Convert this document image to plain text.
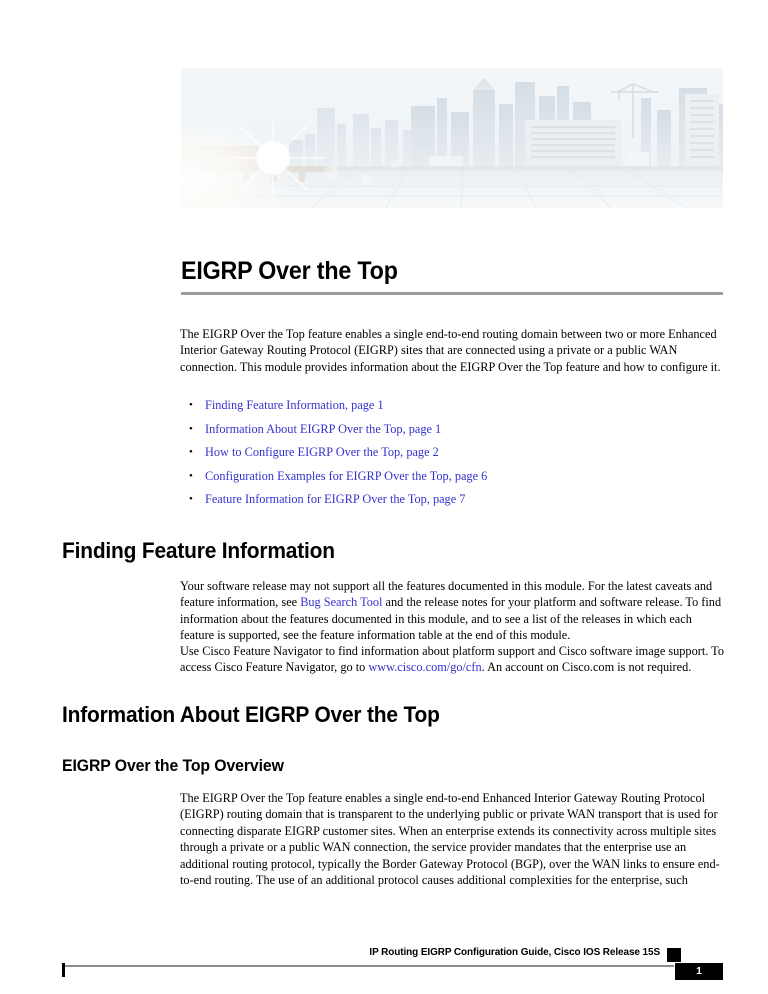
EIGRP Over the Top
The EIGRP Over the Top feature enables a single end-to-end routing domain between two or more Enhanced Interior Gateway Routing Protocol (EIGRP) sites that are connected using a private or a public WAN connection. This module provides information about the EIGRP Over the Top feature and how to configure it.
• Finding Feature Information, page 1
• Information About EIGRP Over the Top, page 1
• How to Configure EIGRP Over the Top, page 2
• Configuration Examples for EIGRP Over the Top, page 6
• Feature Information for EIGRP Over the Top, page 7
Finding Feature Information
Your software release may not support all the features documented in this module. For the latest caveats and feature information, see Bug Search Tool and the release notes for your platform and software release. To find information about the features documented in this module, and to see a list of the releases in which each feature is supported, see the feature information table at the end of this module.
Use Cisco Feature Navigator to find information about platform support and Cisco software image support. To access Cisco Feature Navigator, go to www.cisco.com/go/cfn. An account on Cisco.com is not required.
Information About EIGRP Over the Top
EIGRP Over the Top Overview
The EIGRP Over the Top feature enables a single end-to-end Enhanced Interior Gateway Routing Protocol (EIGRP) routing domain that is transparent to the underlying public or private WAN transport that is used for connecting disparate EIGRP customer sites. When an enterprise extends its connectivity across multiple sites through a private or a public WAN connection, the service provider mandates that the enterprise use an additional routing protocol, typically the Border Gateway Protocol (BGP), over the WAN links to ensure end-to-end routing. The use of an additional protocol causes additional complexities for the enterprise, such
IP Routing EIGRP Configuration Guide, Cisco IOS Release 15S
1
